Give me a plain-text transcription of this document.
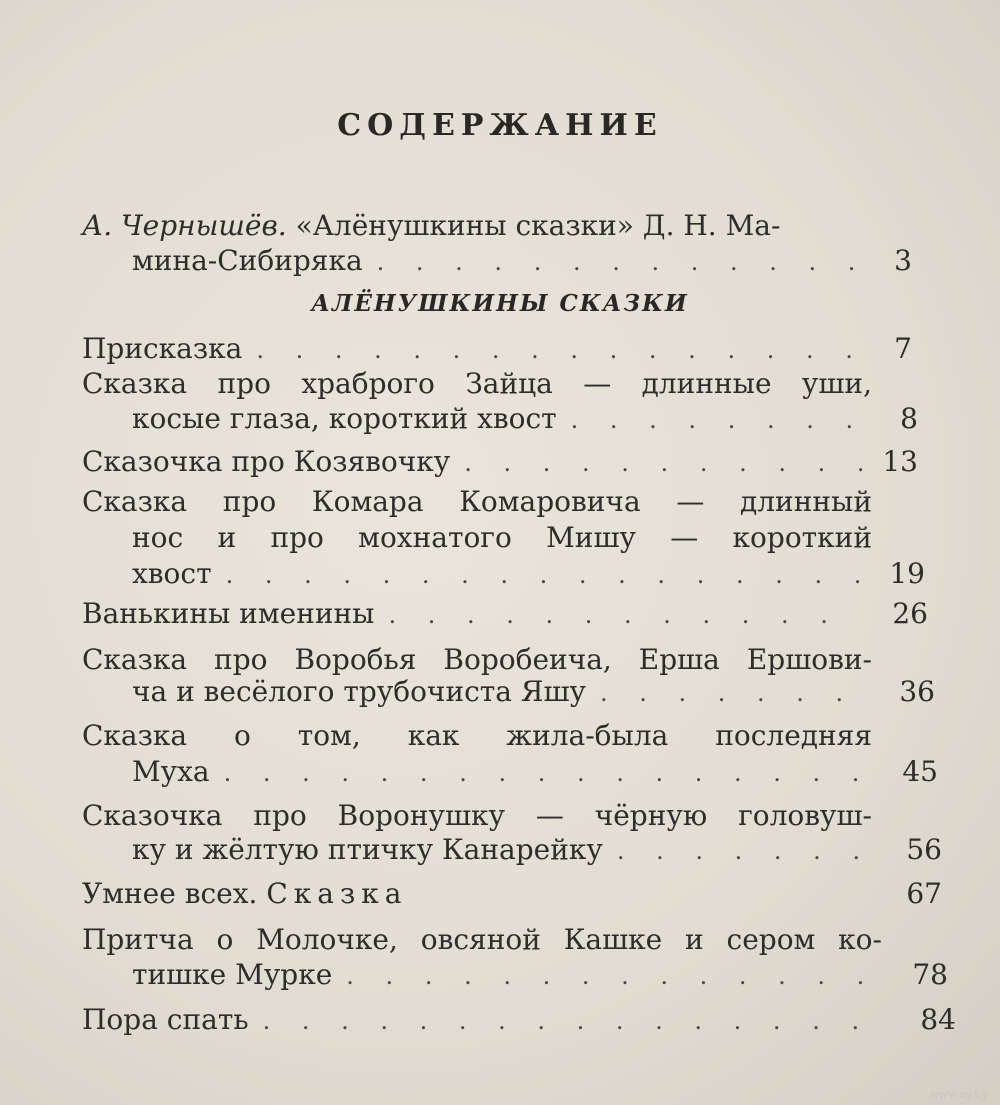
СОДЕРЖАНИЕ
А. Чернышёв. «Алёнушкины сказки» Д. Н. Ма-
мина-Сибиряка . . .	3
АЛЁНУШКИНЫ СКАЗКИ
Присказка . . .	7
Сказка про храброго Зайца — длинные уши,
косые глаза, короткий хвост . . .	8
Сказочка про Козявочку . . .	13
Сказка про Комара Комаровича — длинный
нос и про мохнатого Мишу — короткий
хвост . . .	19
Ванькины именины . . .	26
Сказка про Воробья Воробеича, Ерша Ершови-
ча и весёлого трубочиста Яшу . . .	36
Сказка о том, как жила-была последняя
Муха . . .	45
Сказочка про Воронушку — чёрную головуш-
ку и жёлтую птичку Канарейку . . .	56
Умнее всех. Сказка	67
Притча о Молочке, овсяной Кашке и сером ко-
тишке Мурке . . .	78
Пора спать . . .	84
www.ay.by
